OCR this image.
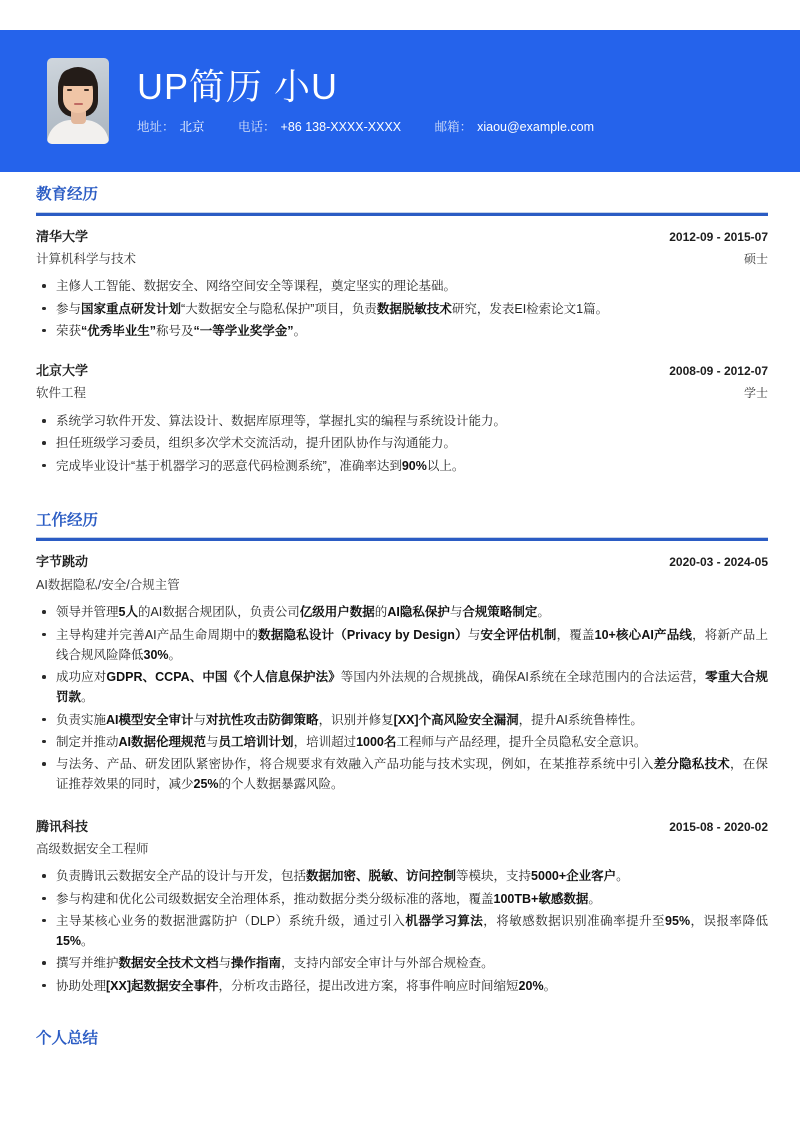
UP简历 小U
地址： 北京	电话： +86 138-XXXX-XXXX	邮箱： xiaou@example.com
教育经历
清华大学	2012-09 - 2015-07
计算机科学与技术	硕士
主修人工智能、数据安全、网络空间安全等课程，奠定坚实的理论基础。
参与国家重点研发计划“大数据安全与隐私保护”项目，负责数据脱敏技术研究，发表EI检索论文1篇。
荣获“优秀毕业生”称号及“一等学业奖学金”。
北京大学	2008-09 - 2012-07
软件工程	学士
系统学习软件开发、算法设计、数据库原理等，掌握扎实的编程与系统设计能力。
担任班级学习委员，组织多次学术交流活动，提升团队协作与沟通能力。
完成毕业设计“基于机器学习的恶意代码检测系统”，准确率达到90%以上。
工作经历
字节跳动	2020-03 - 2024-05
AI数据隐私/安全/合规主管
领导并管理5人的AI数据合规团队，负责公司亿级用户数据的AI隐私保护与合规策略制定。
主导构建并完善AI产品生命周期中的数据隐私设计（Privacy by Design）与安全评估机制，覆盖10+核心AI产品线，将新产品上线合规风险降低30%。
成功应对GDPR、CCPA、中国《个人信息保护法》等国内外法规的合规挑战，确保AI系统在全球范围内的合法运营，零重大合规罚款。
负责实施AI模型安全审计与对抗性攻击防御策略，识别并修复[XX]个高风险安全漏洞，提升AI系统鲁棒性。
制定并推动AI数据伦理规范与员工培训计划，培训超过1000名工程师与产品经理，提升全员隐私安全意识。
与法务、产品、研发团队紧密协作，将合规要求有效融入产品功能与技术实现，例如，在某推荐系统中引入差分隐私技术，在保证推荐效果的同时，减少25%的个人数据暴露风险。
腾讯科技	2015-08 - 2020-02
高级数据安全工程师
负责腾讯云数据安全产品的设计与开发，包括数据加密、脱敏、访问控制等模块，支持5000+企业客户。
参与构建和优化公司级数据安全治理体系，推动数据分类分级标准的落地，覆盖100TB+敏感数据。
主导某核心业务的数据泄露防护（DLP）系统升级，通过引入机器学习算法，将敏感数据识别准确率提升至95%，误报率降低15%。
撰写并维护数据安全技术文档与操作指南，支持内部安全审计与外部合规检查。
协助处理[XX]起数据安全事件，分析攻击路径，提出改进方案，将事件响应时间缩短20%。
个人总结
